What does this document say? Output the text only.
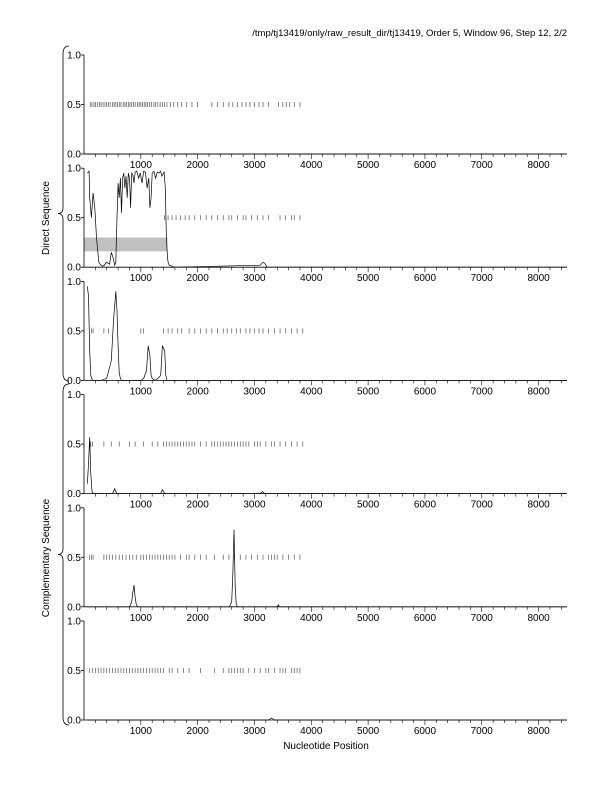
/tmp/tj13419/only/raw_result_dir/tj13419, Order 5, Window 96, Step 12, 2/2
Direct Sequence
Complementary Sequence
Nucleotide Position
0.0
0.5
1.0
1000	2000	3000	4000	5000	6000	7000	8000
0.0
0.5
1.0
1000	2000	3000	4000	5000	6000	7000	8000
0.0
0.5
1.0
1000	2000	3000	4000	5000	6000	7000	8000
0.0
0.5
1.0
1000	2000	3000	4000	5000	6000	7000	8000
0.0
0.5
1.0
1000	2000	3000	4000	5000	6000	7000	8000
0.0
0.5
1.0
1000	2000	3000	4000	5000	6000	7000	8000
